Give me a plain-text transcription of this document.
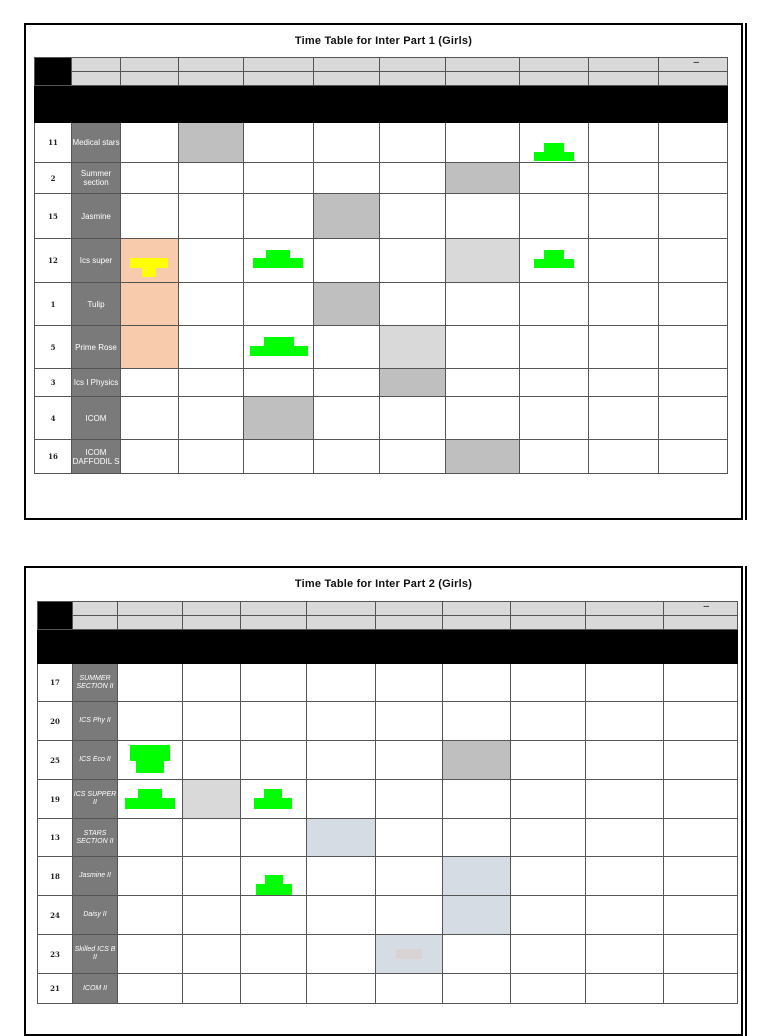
Time Table for Inter Part 1 (Girls)

										–

11	Medical stars							

2	Summer section									
15	Jasmine									
12	Ics super	

1	Tulip									
5	Prime Rose			

3	Ics I Physics									
4	ICOM									
16	ICOM DAFFODIL S									
Time Table for Inter Part 2 (Girls)

										–

17	SUMMER SECTION II									
20	ICS Phy II									
25	ICS Eco II	

19	ICS SUPPER II	

13	STARS SECTION II									
18	Jasmine II			

24	Daisy II									
23	Skilled ICS B II					

21	ICOM II									
